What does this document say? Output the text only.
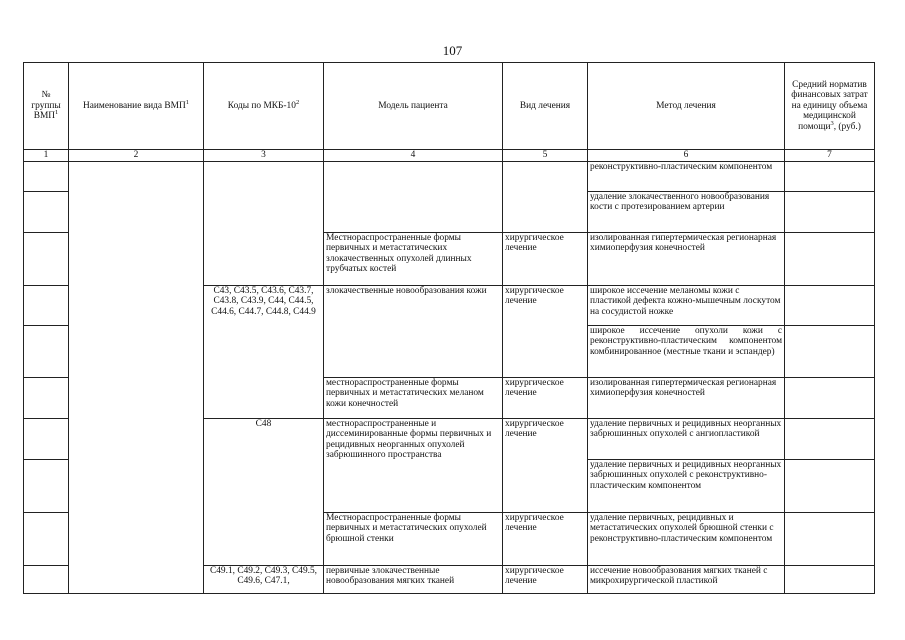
107
№ группы ВМП$^1$	Наименование вида ВМП$^1$	Коды по МКБ-$10^2$	Модель пациента	Вид лечения	Метод лечения	Средний норматив финансовых затрат на единицу объема медицинской помощи$^3$, (руб.)
1	2	3	4	5	6	7
					реконструктивно-пластическим компонентом	
					удаление злокачественного новообразования кости с протезированием артерии	
			Местнораспространенные формы первичных и метастатических злокачественных опухолей длинных трубчатых костей	хирургическое лечение	изолированная гипертермическая регионарная химиоперфузия конечностей	
		C43, C43.5, C43.6, C43.7, C43.8, C43.9, C44, C44.5, C44.6, C44.7, C44.8, C44.9	злокачественные новообразования кожи	хирургическое лечение	широкое иссечение меланомы кожи с пластикой дефекта кожно-мышечным лоскутом на сосудистой ножке	
					широкое иссечение опухоли кожи с реконструктивно-пластическим компонентом комбинированное (местные ткани и эспандер)	
			местнораспространенные формы первичных и метастатических меланом кожи конечностей	хирургическое лечение	изолированная гипертермическая регионарная химиоперфузия конечностей	
		C48	местнораспространенные и диссеминированные формы первичных и рецидивных неорганных опухолей забрюшинного пространства	хирургическое лечение	удаление первичных и рецидивных неорганных забрюшинных опухолей с ангиопластикой	
					удаление первичных и рецидивных неорганных забрюшинных опухолей с реконструктивно-пластическим компонентом	
			Местнораспространенные формы первичных и метастатических опухолей брюшной стенки	хирургическое лечение	удаление первичных, рецидивных и метастатических опухолей брюшной стенки с реконструктивно-пластическим компонентом	
		C49.1, C49.2, C49.3, C49.5, C49.6, C47.1,	первичные злокачественные новообразования мягких тканей	хирургическое лечение	иссечение новообразования мягких тканей с микрохирургической пластикой	
